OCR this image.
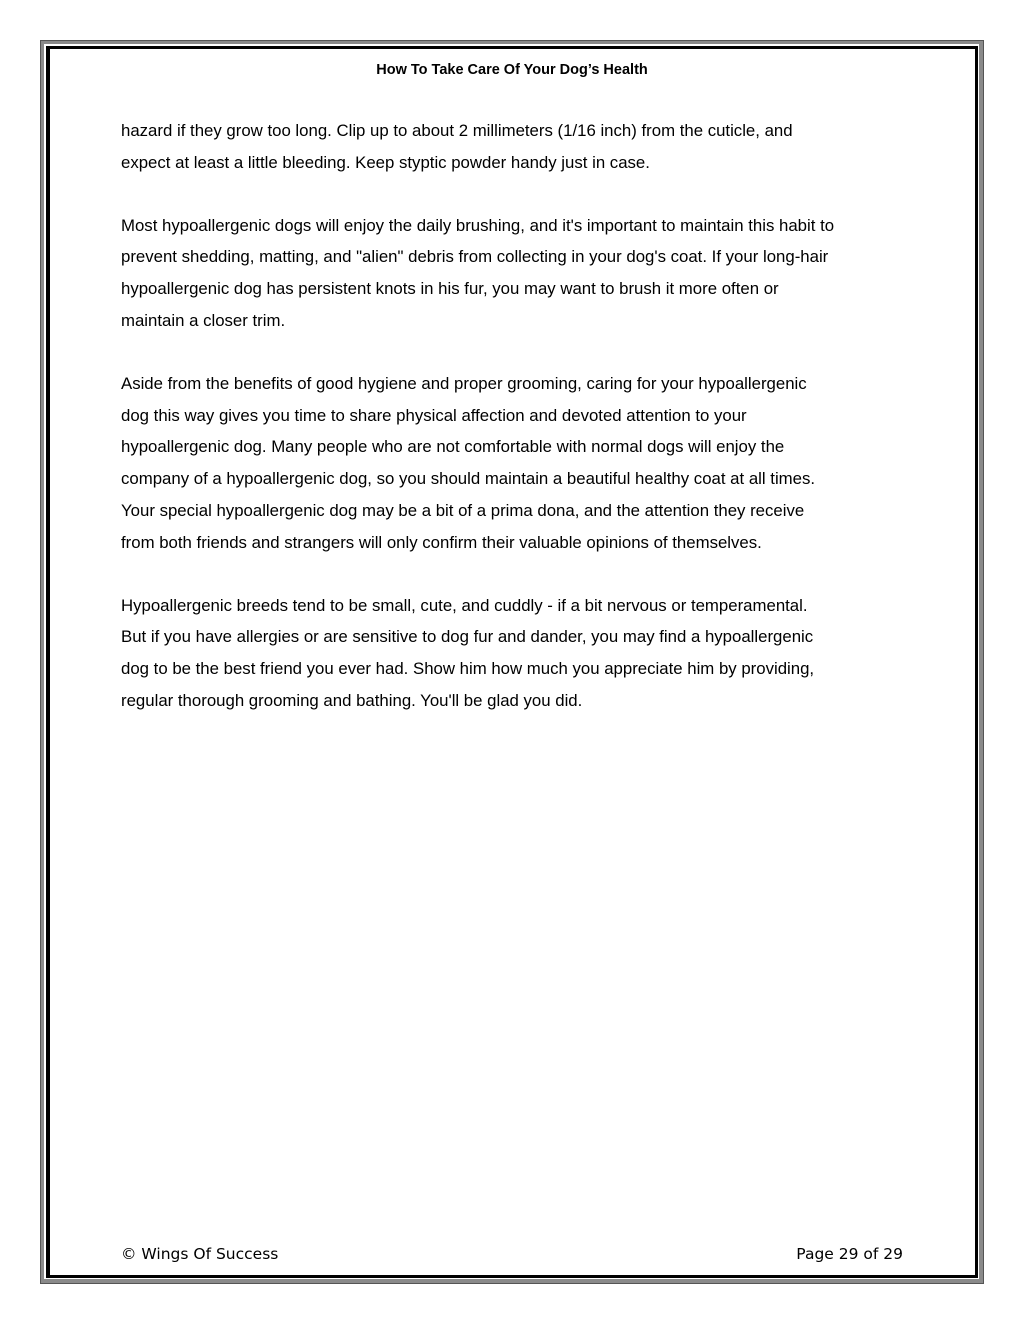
How To Take Care Of Your Dog’s Health

hazard if they grow too long. Clip up to about 2 millimeters (1/16 inch) from the cuticle, and
expect at least a little bleeding. Keep styptic powder handy just in case.

Most hypoallergenic dogs will enjoy the daily brushing, and it's important to maintain this habit to
prevent shedding, matting, and "alien" debris from collecting in your dog's coat. If your long-hair
hypoallergenic dog has persistent knots in his fur, you may want to brush it more often or
maintain a closer trim.

Aside from the benefits of good hygiene and proper grooming, caring for your hypoallergenic
dog this way gives you time to share physical affection and devoted attention to your
hypoallergenic dog. Many people who are not comfortable with normal dogs will enjoy the
company of a hypoallergenic dog, so you should maintain a beautiful healthy coat at all times.
Your special hypoallergenic dog may be a bit of a prima dona, and the attention they receive
from both friends and strangers will only confirm their valuable opinions of themselves.

Hypoallergenic breeds tend to be small, cute, and cuddly - if a bit nervous or temperamental.
But if you have allergies or are sensitive to dog fur and dander, you may find a hypoallergenic
dog to be the best friend you ever had. Show him how much you appreciate him by providing,
regular thorough grooming and bathing. You'll be glad you did.

© Wings Of Success	Page 29 of 29
